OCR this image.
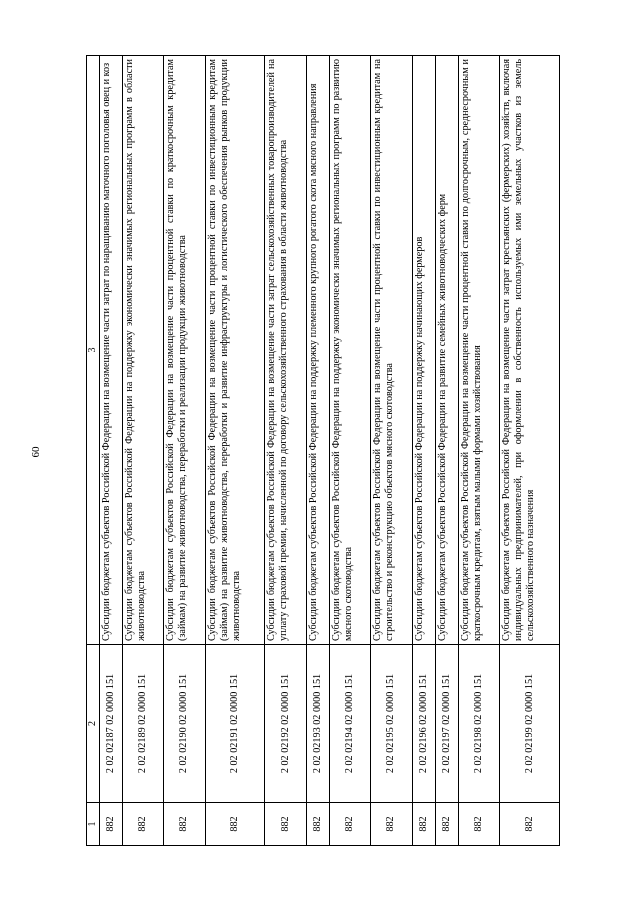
60
1	2	3
882	2 02 02187 02 0000 151	Субсидии бюджетам субъектов Российской Федерации на возмещение части затрат по наращиванию маточного поголовья овец и коз
882	2 02 02189 02 0000 151	Субсидии бюджетам субъектов Российской Федерации на поддержку экономически значимых региональных программ в области животноводства
882	2 02 02190 02 0000 151	Субсидии бюджетам субъектов Российской Федерации на возмещение части процентной ставки по краткосрочным кредитам (займам) на развитие животноводства, переработки и реализации продукции животноводства
882	2 02 02191 02 0000 151	Субсидии бюджетам субъектов Российской Федерации на возмещение части процентной ставки по инвестиционным кредитам (займам) на развитие животноводства, переработки и развитие инфраструктуры и логистического обеспечения рынков продукции животноводства
882	2 02 02192 02 0000 151	Субсидии бюджетам субъектов Российской Федерации на возмещение части затрат сельскохозяйственных товаропроизводителей на уплату страховой премии, начисленной по договору сельскохозяйственного страхования в области животноводства
882	2 02 02193 02 0000 151	Субсидии бюджетам субъектов Российской Федерации на поддержку племенного крупного рогатого скота мясного направления
882	2 02 02194 02 0000 151	Субсидии бюджетам субъектов Российской Федерации на поддержку экономически значимых региональных программ по развитию мясного скотоводства
882	2 02 02195 02 0000 151	Субсидии бюджетам субъектов Российской Федерации на возмещение части процентной ставки по инвестиционным кредитам на строительство и реконструкцию объектов мясного скотоводства
882	2 02 02196 02 0000 151	Субсидии бюджетам субъектов Российской Федерации на поддержку начинающих фермеров
882	2 02 02197 02 0000 151	Субсидии бюджетам субъектов Российской Федерации на развитие семейных животноводческих ферм
882	2 02 02198 02 0000 151	Субсидии бюджетам субъектов Российской Федерации на возмещение части процентной ставки по долгосрочным, среднесрочным и краткосрочным кредитам, взятым малыми формами хозяйствования
882	2 02 02199 02 0000 151	Субсидии бюджетам субъектов Российской Федерации на возмещение части затрат крестьянских (фермерских) хозяйств, включая индивидуальных предпринимателей, при оформлении в собственность используемых ими земельных участков из земель сельскохозяйственного назначения
